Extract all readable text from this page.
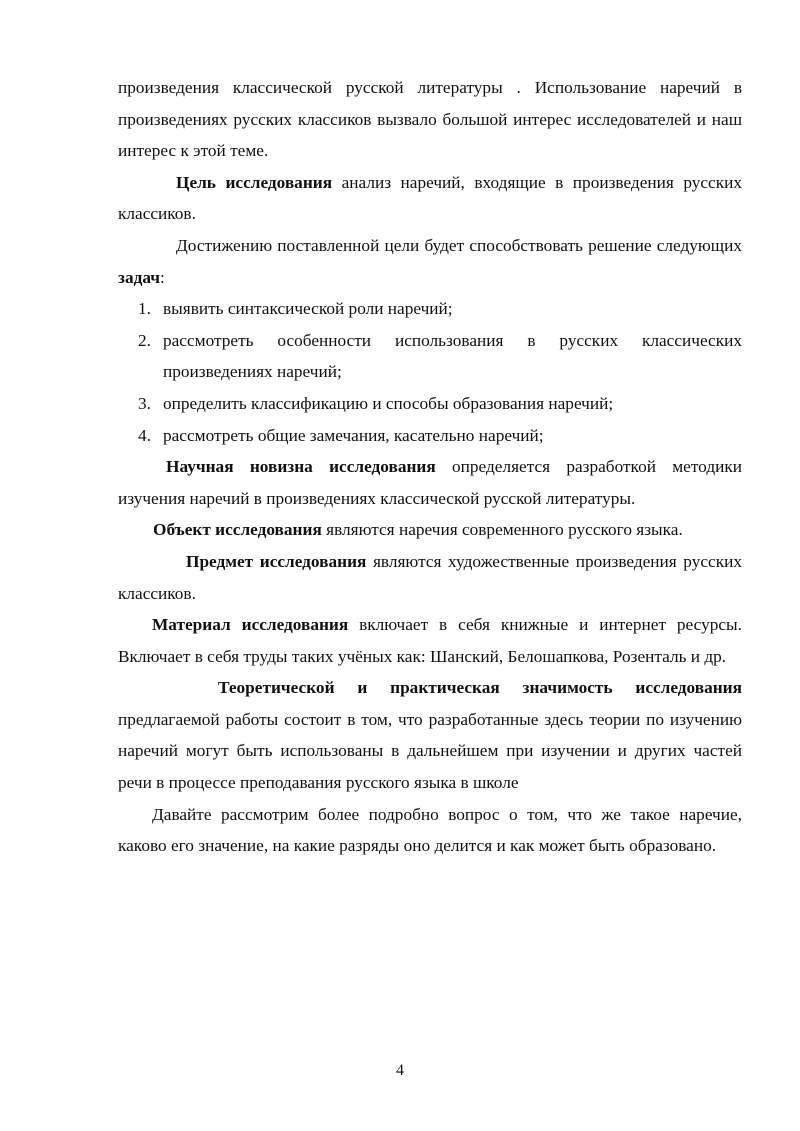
произведения классической русской литературы . Использование наречий в произведениях русских классиков вызвало большой интерес исследователей и наш интерес к этой теме.

Цель исследования анализ наречий, входящие в произведения русских классиков.

Достижению поставленной цели будет способствовать решение следующих задач:

1. выявить синтаксической роли наречий;
2. рассмотреть особенности использования в русских классических произведениях наречий;
3. определить классификацию и способы образования наречий;
4. рассмотреть общие замечания, касательно наречий;

Научная новизна исследования определяется разработкой методики изучения наречий в произведениях классической русской литературы.

Объект исследования являются наречия современного русского языка.

Предмет исследования являются художественные произведения русских классиков.

Материал исследования включает в себя книжные и интернет ресурсы. Включает в себя труды таких учёных как: Шанский, Белошапкова, Розенталь и др.

Теоретической и практическая значимость исследования предлагаемой работы состоит в том, что разработанные здесь теории по изучению наречий могут быть использованы в дальнейшем при изучении и других частей речи в процессе преподавания русского языка в школе

Давайте рассмотрим более подробно вопрос о том, что же такое наречие, каково его значение, на какие разряды оно делится и как может быть образовано.

4
